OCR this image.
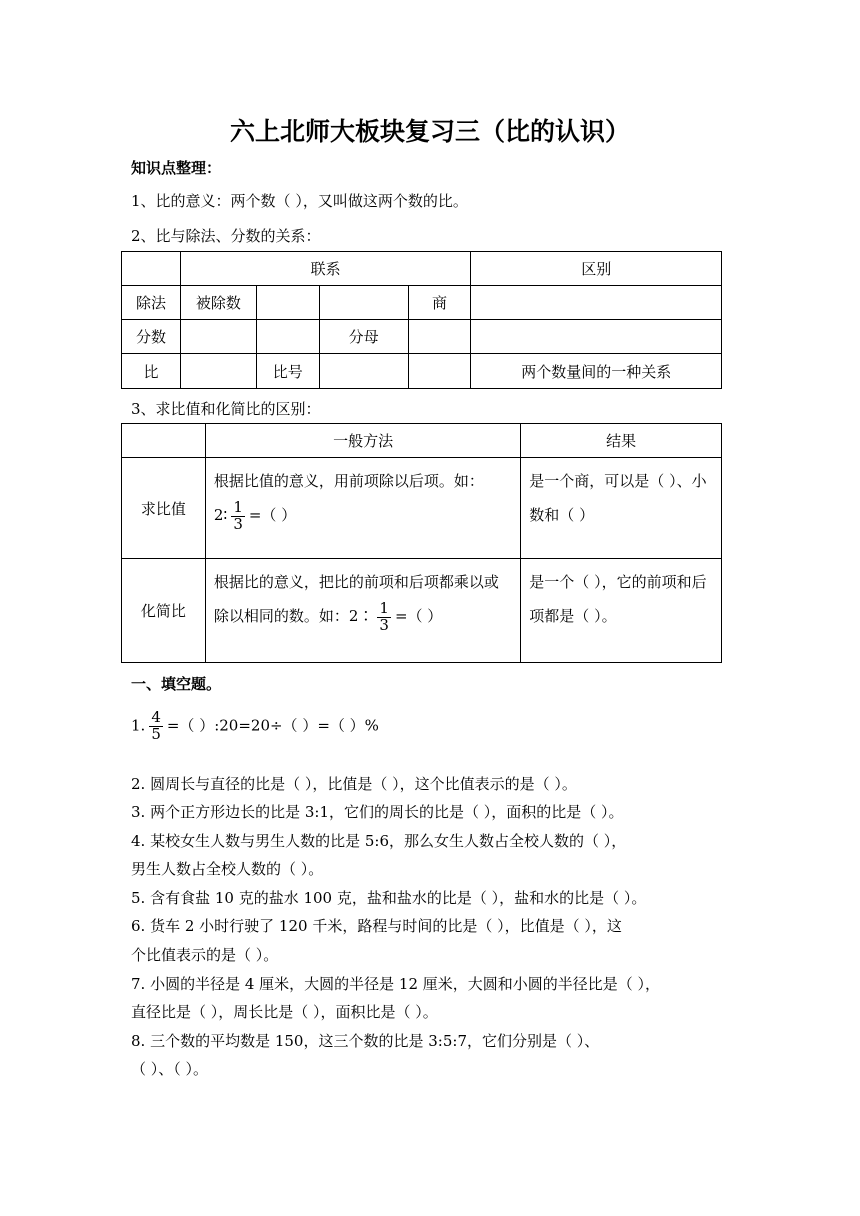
六上北师大板块复习三（比的认识）
知识点整理：
1、比的意义：两个数（ ），又叫做这两个数的比。
2、比与除法、分数的关系：
	联系				区别
除法	被除数			商	
分数			分母		
比		比号			两个数量间的一种关系
3、求比值和化简比的区别：
	一般方法	结果
求比值	根据比值的意义，用前项除以后项。如：
2∶ $\frac{1}{3}$ =（ ）	是一个商，可以是（ ）、小数和（ ）
化简比	根据比的意义，把比的前项和后项都乘以或除以相同的数。如：2∶ $\frac{1}{3}$ =（ ）	是一个（ ），它的前项和后项都是（ ）。
一、填空题。
1. $\frac{4}{5}$ =（ ）:20=20÷（ ）=（ ）%
2. 圆周长与直径的比是（ ），比值是（ ），这个比值表示的是（ ）。
3. 两个正方形边长的比是 3:1，它们的周长的比是（ ），面积的比是（ ）。
4. 某校女生人数与男生人数的比是 5:6，那么女生人数占全校人数的（ ），
男生人数占全校人数的（ ）。
5. 含有食盐 10 克的盐水 100 克，盐和盐水的比是（ ），盐和水的比是（ ）。
6. 货车 2 小时行驶了 120 千米，路程与时间的比是（ ），比值是（ ），这
个比值表示的是（ ）。
7. 小圆的半径是 4 厘米，大圆的半径是 12 厘米，大圆和小圆的半径比是（ ），
直径比是（ ），周长比是（ ），面积比是（ ）。
8. 三个数的平均数是 150，这三个数的比是 3:5:7，它们分别是（ ）、
（ ）、（ ）。
